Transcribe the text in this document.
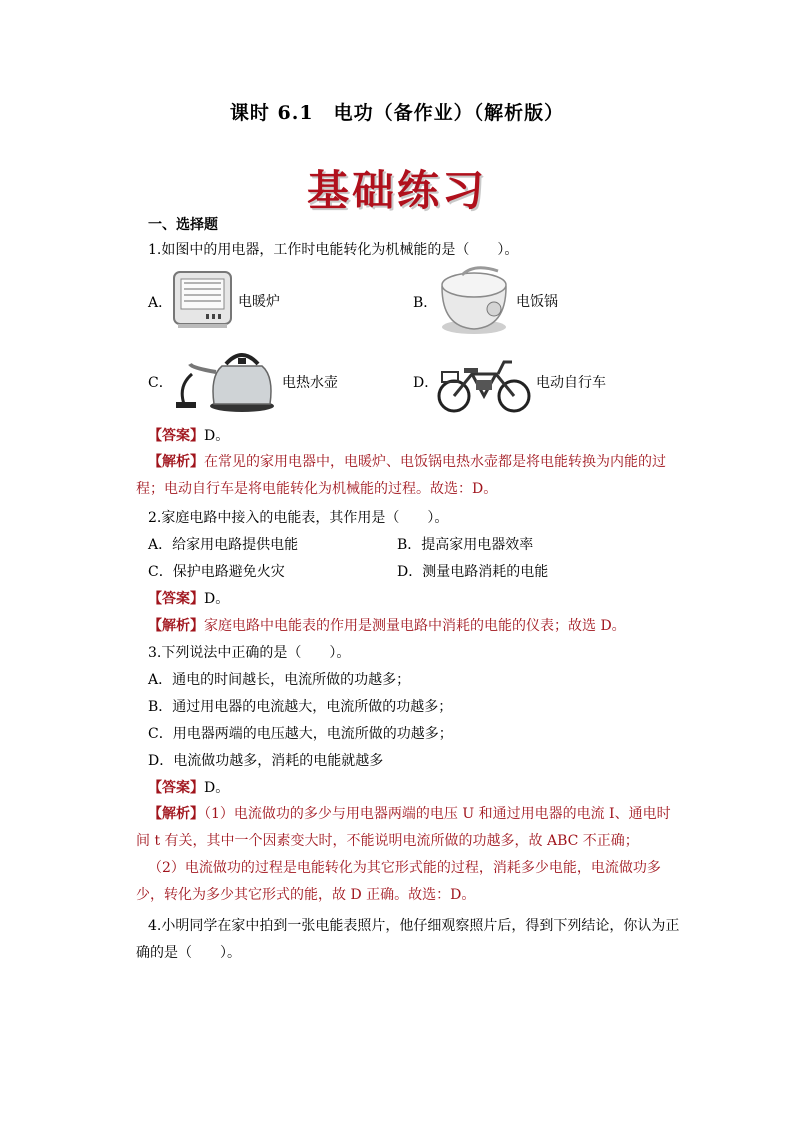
课时 6.1　电功（备作业）（解析版）
基础练习
一、选择题
1.如图中的用电器，工作时电能转化为机械能的是（　　）。
A．	电暖炉	B．	电饭锅
C．	电热水壶	D．	电动自行车
【答案】D。
【解析】在常见的家用电器中，电暖炉、电饭锅电热水壶都是将电能转换为内能的过程；电动自行车是将电能转化为机械能的过程。故选：D。
2.家庭电路中接入的电能表，其作用是（　　）。
A．给家用电路提供电能	B．提高家用电器效率
C．保护电路避免火灾	D．测量电路消耗的电能
【答案】D。
【解析】家庭电路中电能表的作用是测量电路中消耗的电能的仪表；故选 D。
3.下列说法中正确的是（　　）。
A．通电的时间越长，电流所做的功越多；
B．通过用电器的电流越大，电流所做的功越多；
C．用电器两端的电压越大，电流所做的功越多；
D．电流做功越多，消耗的电能就越多
【答案】D。
【解析】（1）电流做功的多少与用电器两端的电压 U 和通过用电器的电流 I、通电时间 t 有关，其中一个因素变大时，不能说明电流所做的功越多，故 ABC 不正确；
（2）电流做功的过程是电能转化为其它形式能的过程，消耗多少电能，电流做功多少，转化为多少其它形式的能，故 D 正确。故选：D。
4.小明同学在家中拍到一张电能表照片，他仔细观察照片后，得到下列结论，你认为正确的是（　　）。
